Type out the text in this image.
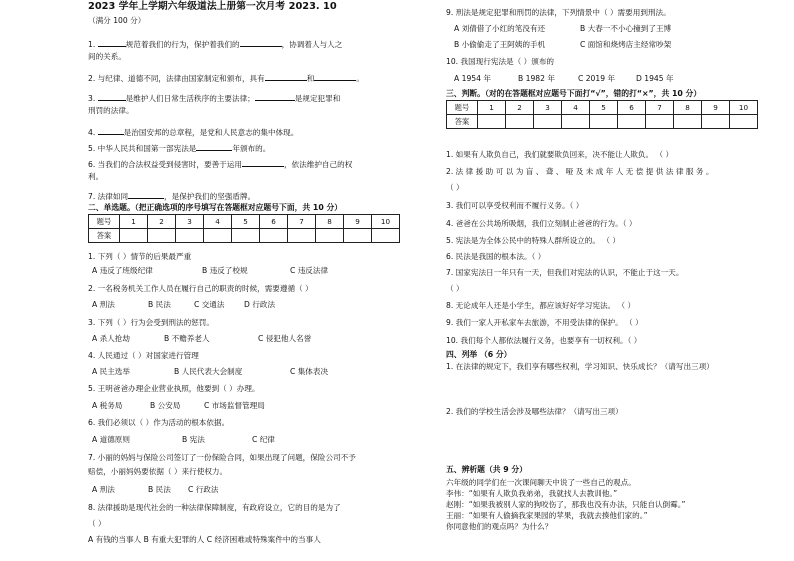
2023 学年上学期六年级道法上册第一次月考 2023. 10
（满分 100 分）
1.	规范着我们的行为，保护着我们的	，协调着人与人之
间的关系。
2. 与纪律、道德不同，法律由国家制定和颁布，具有	和	。
3.	是维护人们日常生活秩序的主要法律；	是规定犯罪和
刑罚的法律。
4.	是治国安邦的总章程，是党和人民意志的集中体现。
5. 中华人民共和国第一部宪法是	年颁布的。
6. 当我们的合法权益受到侵害时，要善于运用	，依法维护自己的权
利。
7. 法律如同	，是保护我们的坚强盾牌。
二、单选题。（把正确选项的序号填写在答题框对应题号下面，共 10 分）
题号	1	2	3	4	5	6	7	8	9	10
答案										
1. 下列（ ）情节的后果最严重
A 违反了班级纪律	B 违反了校规	C 违反法律
2. 一名税务机关工作人员在履行自己的职责的时候，需要遵循（ ）
A 刑法	B 民法	C 交通法	D 行政法
3. 下列（ ）行为会受到刑法的惩罚。
A 杀人抢劫	B 不赡养老人	C 侵犯他人名誉
4. 人民通过（ ）对国家进行管理
A 民主选举	B 人民代表大会制度	C 集体表决
5. 王明爸爸办理企业营业执照，他要到（ ）办理。
A 税务局	B 公安局	C 市场监督管理局
6. 我们必须以（ ）作为活动的根本依据。
A 道德原则	B 宪法	C 纪律
7. 小丽的妈妈与保险公司签订了一份保险合同，如果出现了问题，保险公司不予
赔偿，小丽妈妈要依据（ ）来行使权力。
A 刑法	B 民法 C 行政法
8. 法律援助是现代社会的一种法律保障制度，有政府设立，它的目的是为了
（ ）
A 有钱的当事人 B 有重大犯罪的人 C 经济困难或特殊案件中的当事人
9. 刑法是规定犯罪和刑罚的法律，下列情景中（ ）需要用到刑法。
A 刘倩借了小红的笔没有还	B 大春一不小心撞到了王博
B 小偷偷走了王阿姨的手机	C 面馆和烧烤店主经常吵架
10. 我国现行宪法是（ ）颁布的
A 1954 年	B 1982 年	C 2019 年	D 1945 年
三、判断。（对的在答题框对应题号下面打“√”，错的打“×”，共 10 分）
题号	1	2	3	4	5	6	7	8	9	10
答案										
1. 如果有人欺负自己，我们就要欺负回来，决不能让人欺负。 （ ）
2. 法 律 援 助 可 以 为 盲 、 聋 、 哑 及 未 成 年 人 无 偿 提 供 法 律 服 务 。
（ ）
3. 我们可以享受权利而不履行义务。（ ）
4. 爸爸在公共场所吸烟，我们立刻制止爸爸的行为。（ ）
5. 宪法是为全体公民中的特殊人群所设立的。 （ ）
6. 民法是我国的根本法。（ ）
7. 国家宪法日一年只有一天，但我们对宪法的认识，不能止于这一天。
（ ）
8. 无论成年人还是小学生，都应该好好学习宪法。 （ ）
9. 我们一家人开私家车去旅游，不用受法律的保护。 （ ）
10. 我们每个人都依法履行义务，也要享有一切权利。（ ）
四、列举 （6 分）
1. 在法律的规定下，我们享有哪些权利，学习知识、快乐成长？（请写出三项）
2. 我们的学校生活会涉及哪些法律？（请写出三项）
五、辨析题（共 9 分）
六年级的同学们在一次课间聊天中说了一些自己的观点。
李伟：“如果有人欺负我弟弟，我就找人去教训他。”
赵刚：“如果我被别人家的狗咬伤了，那我也没有办法，只能自认倒霉。”
王丽：“如果有人偷摘我家果园的苹果，我就去揍他们家的。”
你同意他们的观点吗？为什么？
